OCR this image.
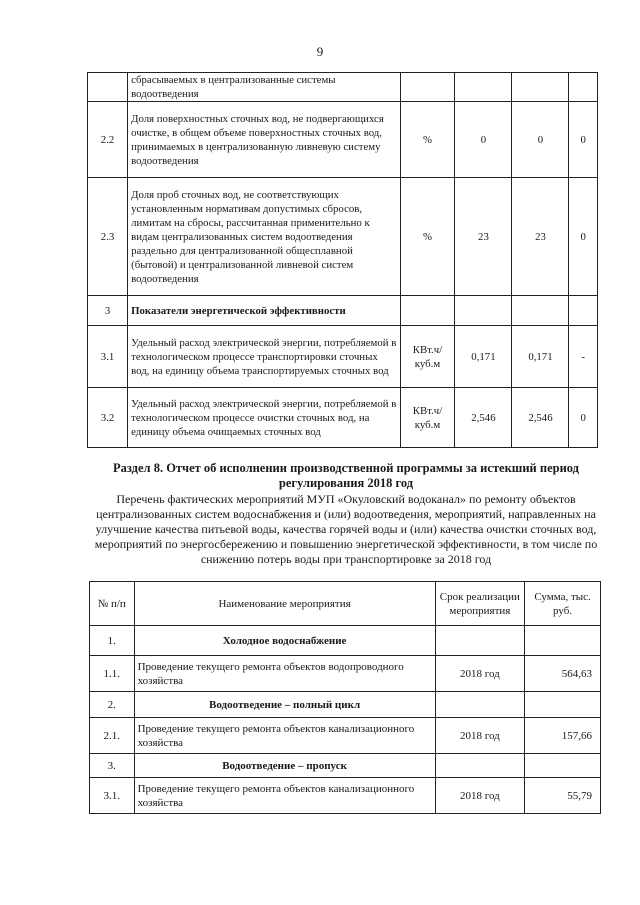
9
	сбрасываемых в централизованные системы водоотведения				
2.2	Доля поверхностных сточных вод, не подвергающихся очистке, в общем объеме поверхностных сточных вод, принимаемых в централизованную ливневую систему водоотведения	%	0	0	0
2.3	Доля проб сточных вод, не соответствующих установленным нормативам допустимых сбросов, лимитам на сбросы, рассчитанная применительно к видам централизованных систем водоотведения раздельно для централизованной общесплавной (бытовой) и централизованной ливневой систем водоотведения	%	23	23	0
3	Показатели энергетической эффективности				
3.1	Удельный расход электрической энергии, потребляемой в технологическом процессе транспортировки сточных вод, на единицу объема транспортируемых сточных вод	КВт.ч/ куб.м	0,171	0,171	-
3.2	Удельный расход электрической энергии, потребляемой в технологическом процессе очистки сточных вод, на единицу объема очищаемых сточных вод	КВт.ч/ куб.м	2,546	2,546	0
Раздел 8. Отчет об исполнении производственной программы за истекший период регулирования 2018 год
Перечень фактических мероприятий МУП «Окуловский водоканал» по ремонту объектов централизованных систем водоснабжения и (или) водоотведения, мероприятий, направленных на улучшение качества питьевой воды, качества горячей воды и (или) качества очистки сточных вод, мероприятий по энергосбережению и повышению энергетической эффективности, в том числе по снижению потерь воды при транспортировке за 2018 год
№ п/п	Наименование мероприятия	Срок реализации мероприятия	Сумма, тыс. руб.
1.	Холодное водоснабжение		
1.1.	Проведение текущего ремонта объектов водопроводного хозяйства	2018 год	564,63
2.	Водоотведение – полный цикл		
2.1.	Проведение текущего ремонта объектов канализационного хозяйства	2018 год	157,66
3.	Водоотведение – пропуск		
3.1.	Проведение текущего ремонта объектов канализационного хозяйства	2018 год	55,79
